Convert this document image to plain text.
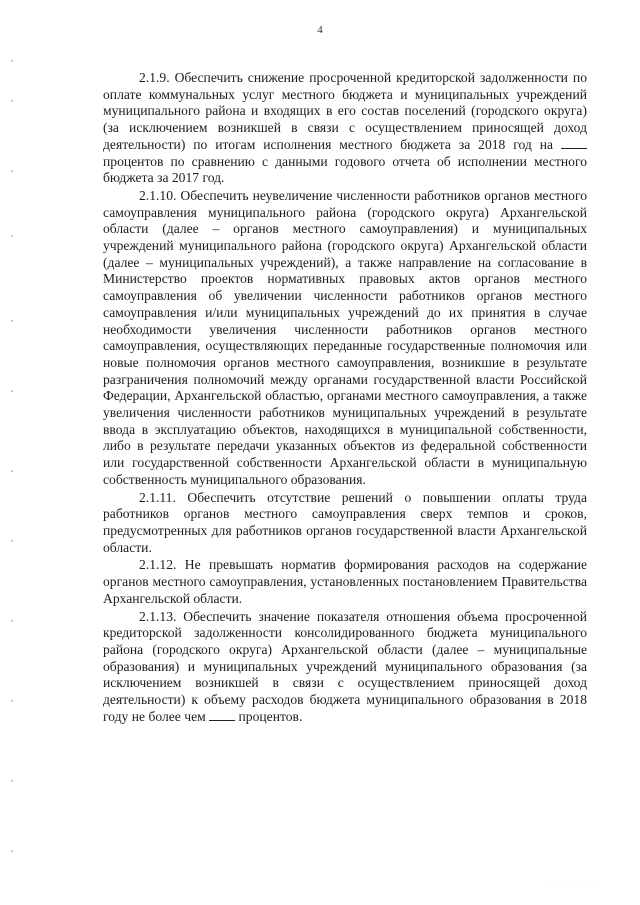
4

2.1.9. Обеспечить снижение просроченной кредиторской задолженности по оплате коммунальных услуг местного бюджета и муниципальных учреждений муниципального района и входящих в его состав поселений (городского округа) (за исключением возникшей в связи с осуществлением приносящей доход деятельности) по итогам исполнения местного бюджета за 2018 год на  процентов по сравнению с данными годового отчета об исполнении местного бюджета за 2017 год.

2.1.10. Обеспечить неувеличение численности работников органов местного самоуправления муниципального района (городского округа) Архангельской области (далее – органов местного самоуправления) и муниципальных учреждений муниципального района (городского округа) Архангельской области (далее – муниципальных учреждений), а также направление на согласование в Министерство проектов нормативных правовых актов органов местного самоуправления об увеличении численности работников органов местного самоуправления и/или муниципальных учреждений до их принятия в случае необходимости увеличения численности работников органов местного самоуправления, осуществляющих переданные государственные полномочия или новые полномочия органов местного самоуправления, возникшие в результате разграничения полномочий между органами государственной власти Российской Федерации, Архангельской областью, органами местного самоуправления, а также увеличения численности работников муниципальных учреждений в результате ввода в эксплуатацию объектов, находящихся в муниципальной собственности, либо в результате передачи указанных объектов из федеральной собственности или государственной собственности Архангельской области в муниципальную собственность муниципального образования.

2.1.11. Обеспечить отсутствие решений о повышении оплаты труда работников органов местного самоуправления сверх темпов и сроков, предусмотренных для работников органов государственной власти Архангельской области.

2.1.12. Не превышать норматив формирования расходов на содержание органов местного самоуправления, установленных постановлением Правительства Архангельской области.

2.1.13. Обеспечить значение показателя отношения объема просроченной кредиторской задолженности консолидированного бюджета муниципального района (городского округа) Архангельской области (далее – муниципальные образования) и муниципальных учреждений муниципального образования (за исключением возникшей в связи с осуществлением приносящей доход деятельности) к объему расходов бюджета муниципального образования в 2018 году не более чем процентов.

· · · · · · ·
